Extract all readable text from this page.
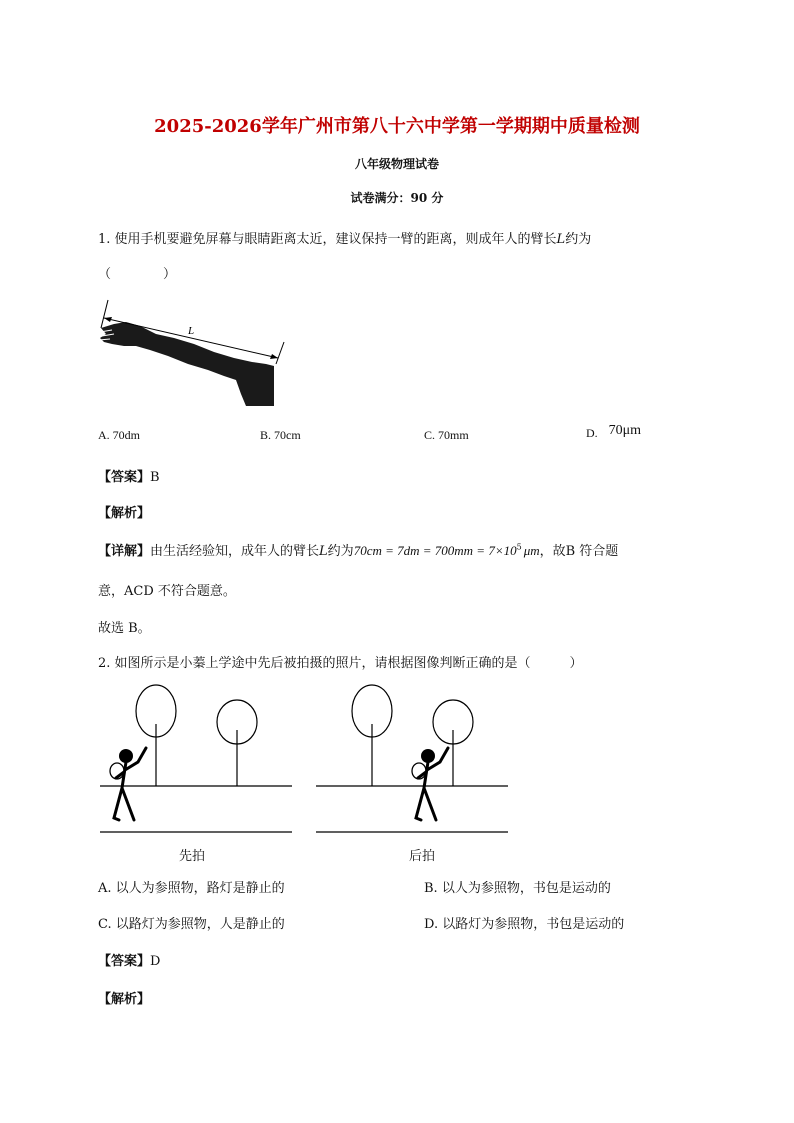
2025-2026学年广州市第八十六中学第一学期期中质量检测
八年级物理试卷
试卷满分：90 分
1. 使用手机要避免屏幕与眼睛距离太近，建议保持一臂的距离，则成年人的臂长L约为
（　　　　）
L
A. 70dm	B. 70cm	C. 70mm	D. 70μm
【答案】B
【解析】
【详解】由生活经验知，成年人的臂长L约为$70cm = 7dm = 700mm = 7\times 10^5$ μm，故B 符合题
意，ACD 不符合题意。
故选 B。
2. 如图所示是小蓁上学途中先后被拍摄的照片，请根据图像判断正确的是（　　　）
先拍	后拍
A. 以人为参照物，路灯是静止的	B. 以人为参照物，书包是运动的
C. 以路灯为参照物，人是静止的	D. 以路灯为参照物，书包是运动的
【答案】D
【解析】
